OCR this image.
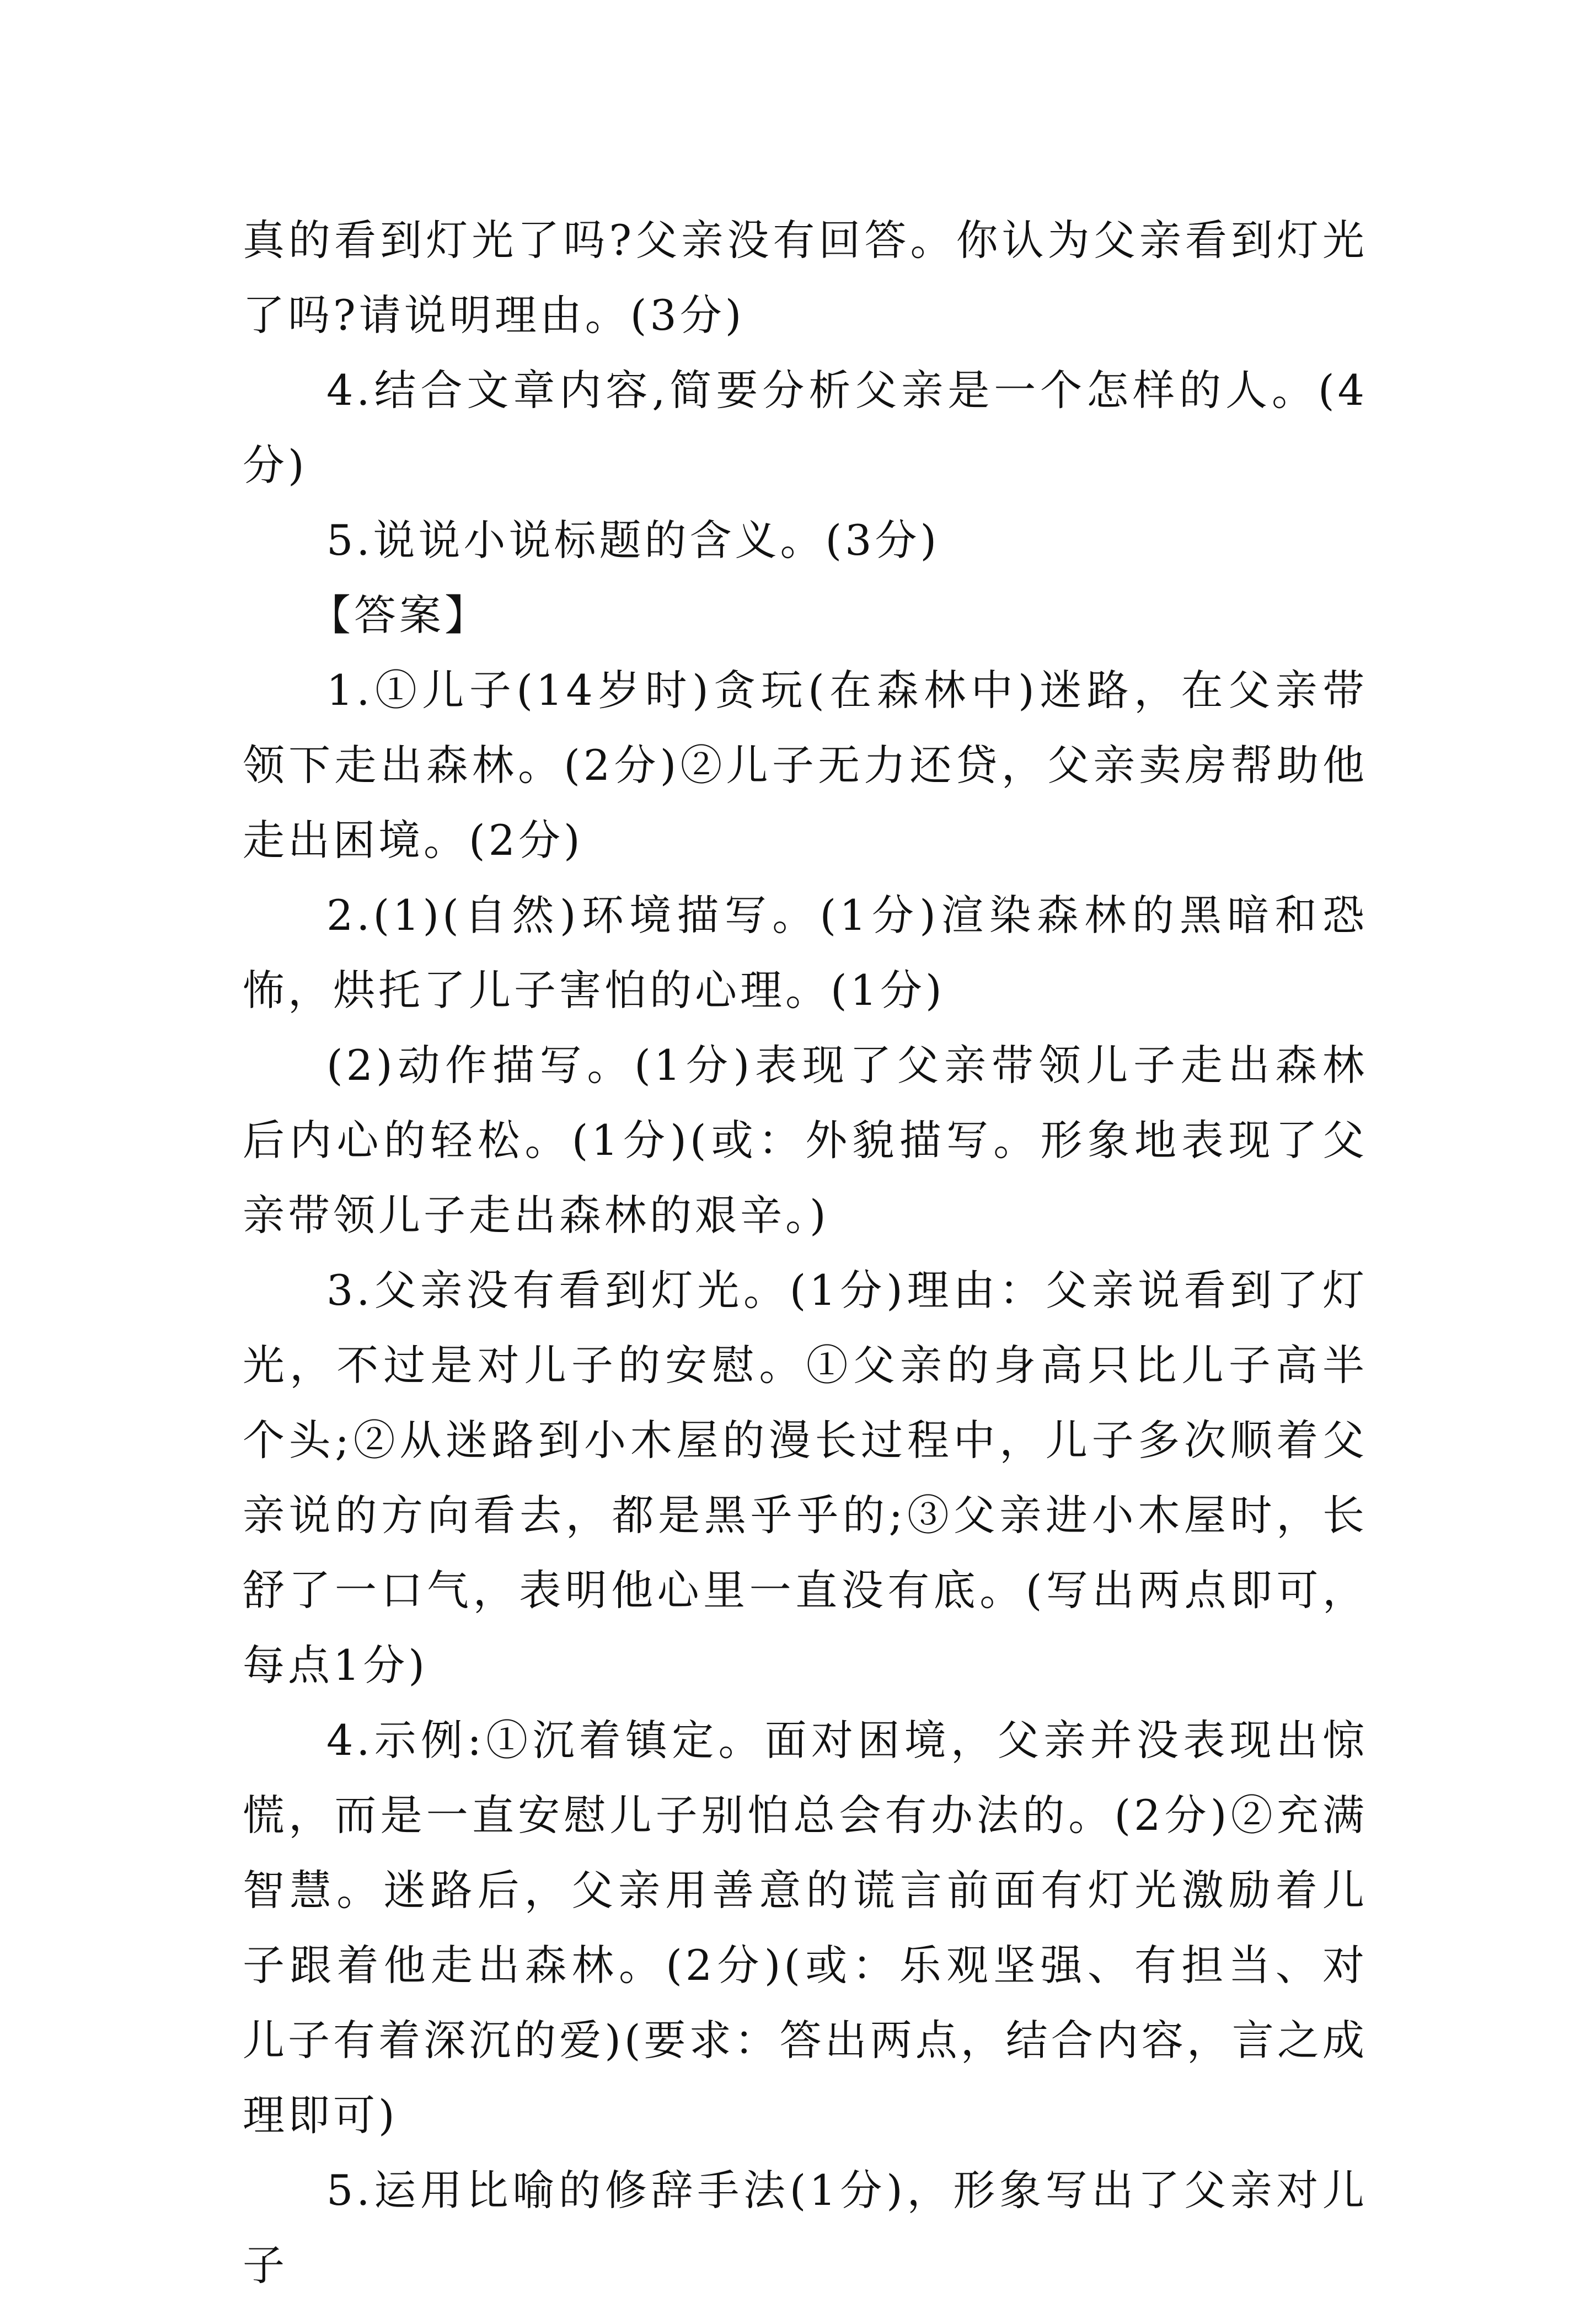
真的看到灯光了吗?父亲没有回答。你认为父亲看到灯光了吗?请说明理由。(3分)

4.结合文章内容,简要分析父亲是一个怎样的人。(4分)

5.说说小说标题的含义。(3分)

【答案】

1.①儿子(14岁时)贪玩(在森林中)迷路，在父亲带领下走出森林。(2分)②儿子无力还贷，父亲卖房帮助他走出困境。(2分)

2.(1)(自然)环境描写。(1分)渲染森林的黑暗和恐怖，烘托了儿子害怕的心理。(1分)

(2)动作描写。(1分)表现了父亲带领儿子走出森林后内心的轻松。(1分)(或：外貌描写。形象地表现了父亲带领儿子走出森林的艰辛。)

3.父亲没有看到灯光。(1分)理由：父亲说看到了灯光，不过是对儿子的安慰。①父亲的身高只比儿子高半个头;②从迷路到小木屋的漫长过程中，儿子多次顺着父亲说的方向看去，都是黑乎乎的;③父亲进小木屋时，长舒了一口气，表明他心里一直没有底。(写出两点即可，每点1分)

4.示例:①沉着镇定。面对困境，父亲并没表现出惊慌，而是一直安慰儿子别怕总会有办法的。(2分)②充满智慧。迷路后，父亲用善意的谎言前面有灯光激励着儿子跟着他走出森林。(2分)(或：乐观坚强、有担当、对儿子有着深沉的爱)(要求：答出两点，结合内容，言之成理即可)

5.运用比喻的修辞手法(1分)，形象写出了父亲对儿子
